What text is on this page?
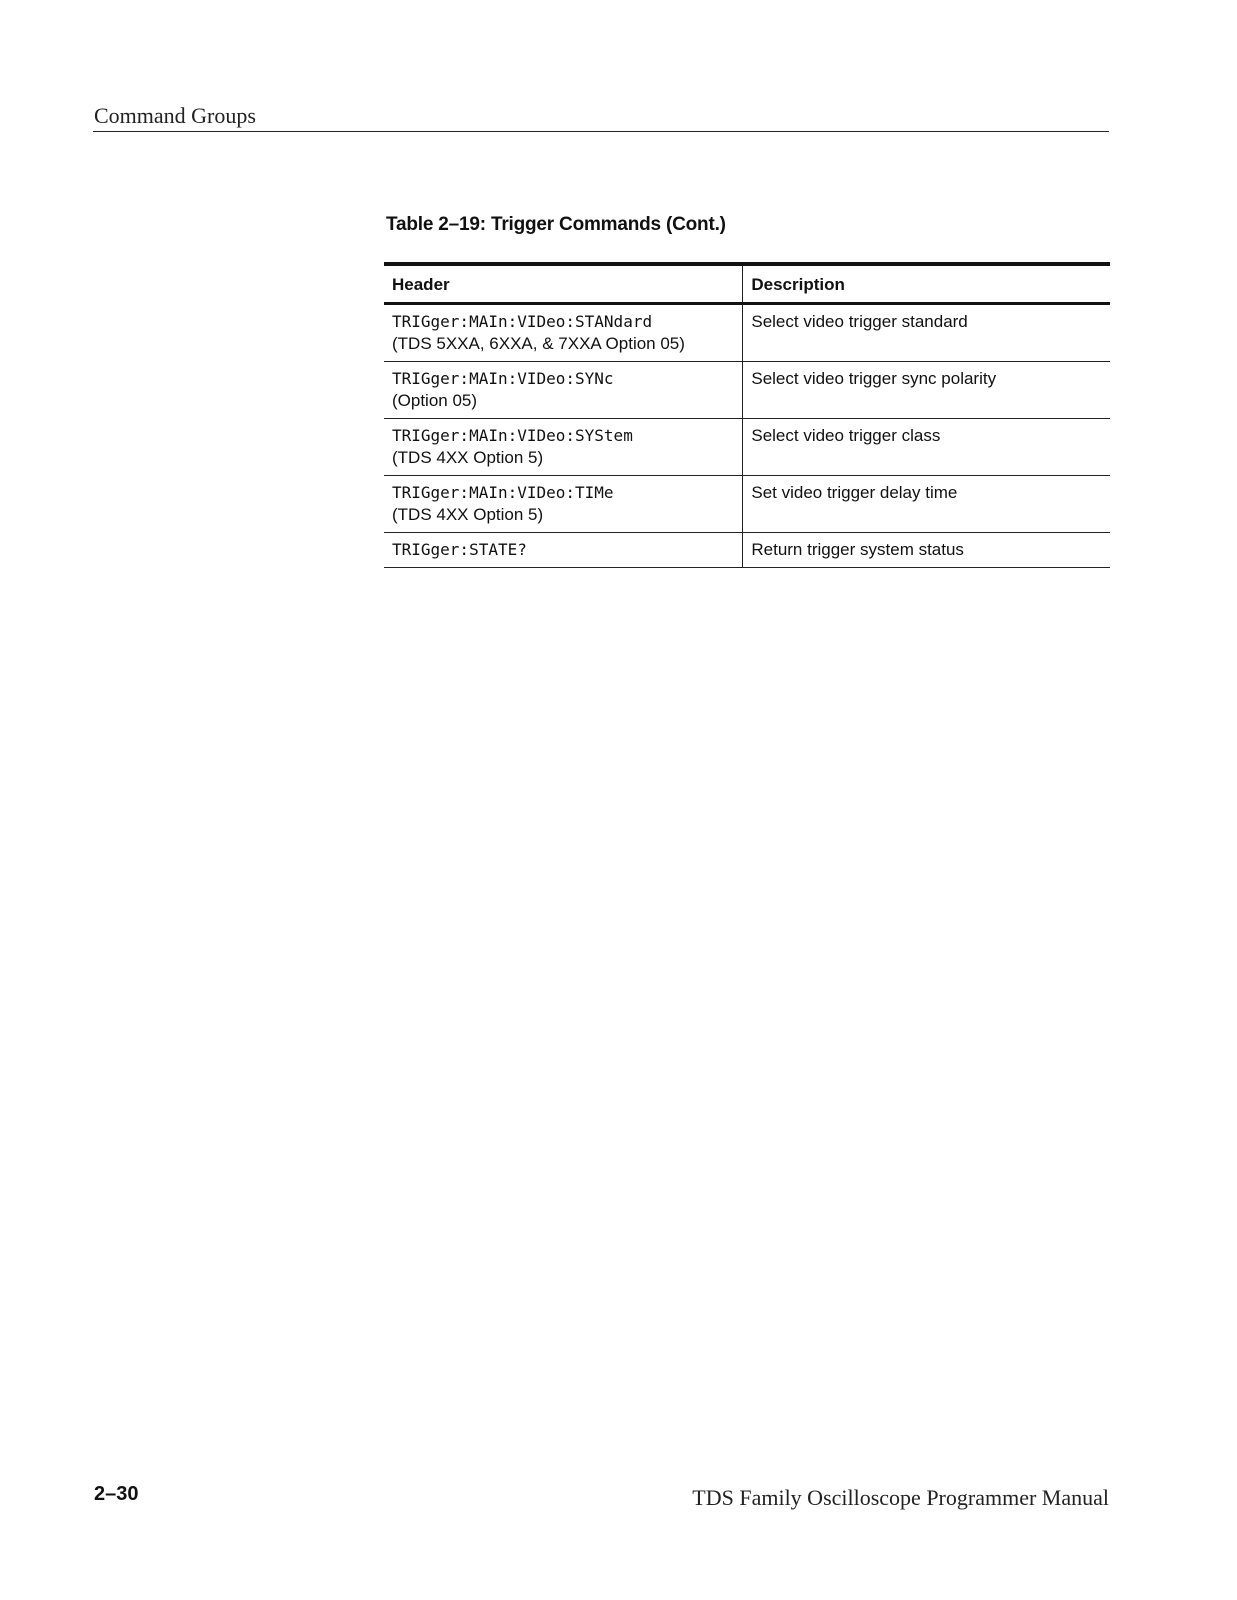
Command Groups
Table 2–19: Trigger Commands (Cont.)
Header	Description

TRIGger:MAIn:VIDeo:STANdard
(TDS 5XXA, 6XXA, & 7XXA Option 05)	Select video trigger standard

TRIGger:MAIn:VIDeo:SYNc
(Option 05)	Select video trigger sync polarity

TRIGger:MAIn:VIDeo:SYStem
(TDS 4XX Option 5)	Select video trigger class

TRIGger:MAIn:VIDeo:TIMe
(TDS 4XX Option 5)	Set video trigger delay time

TRIGger:STATE?	Return trigger system status
2–30	TDS Family Oscilloscope Programmer Manual
